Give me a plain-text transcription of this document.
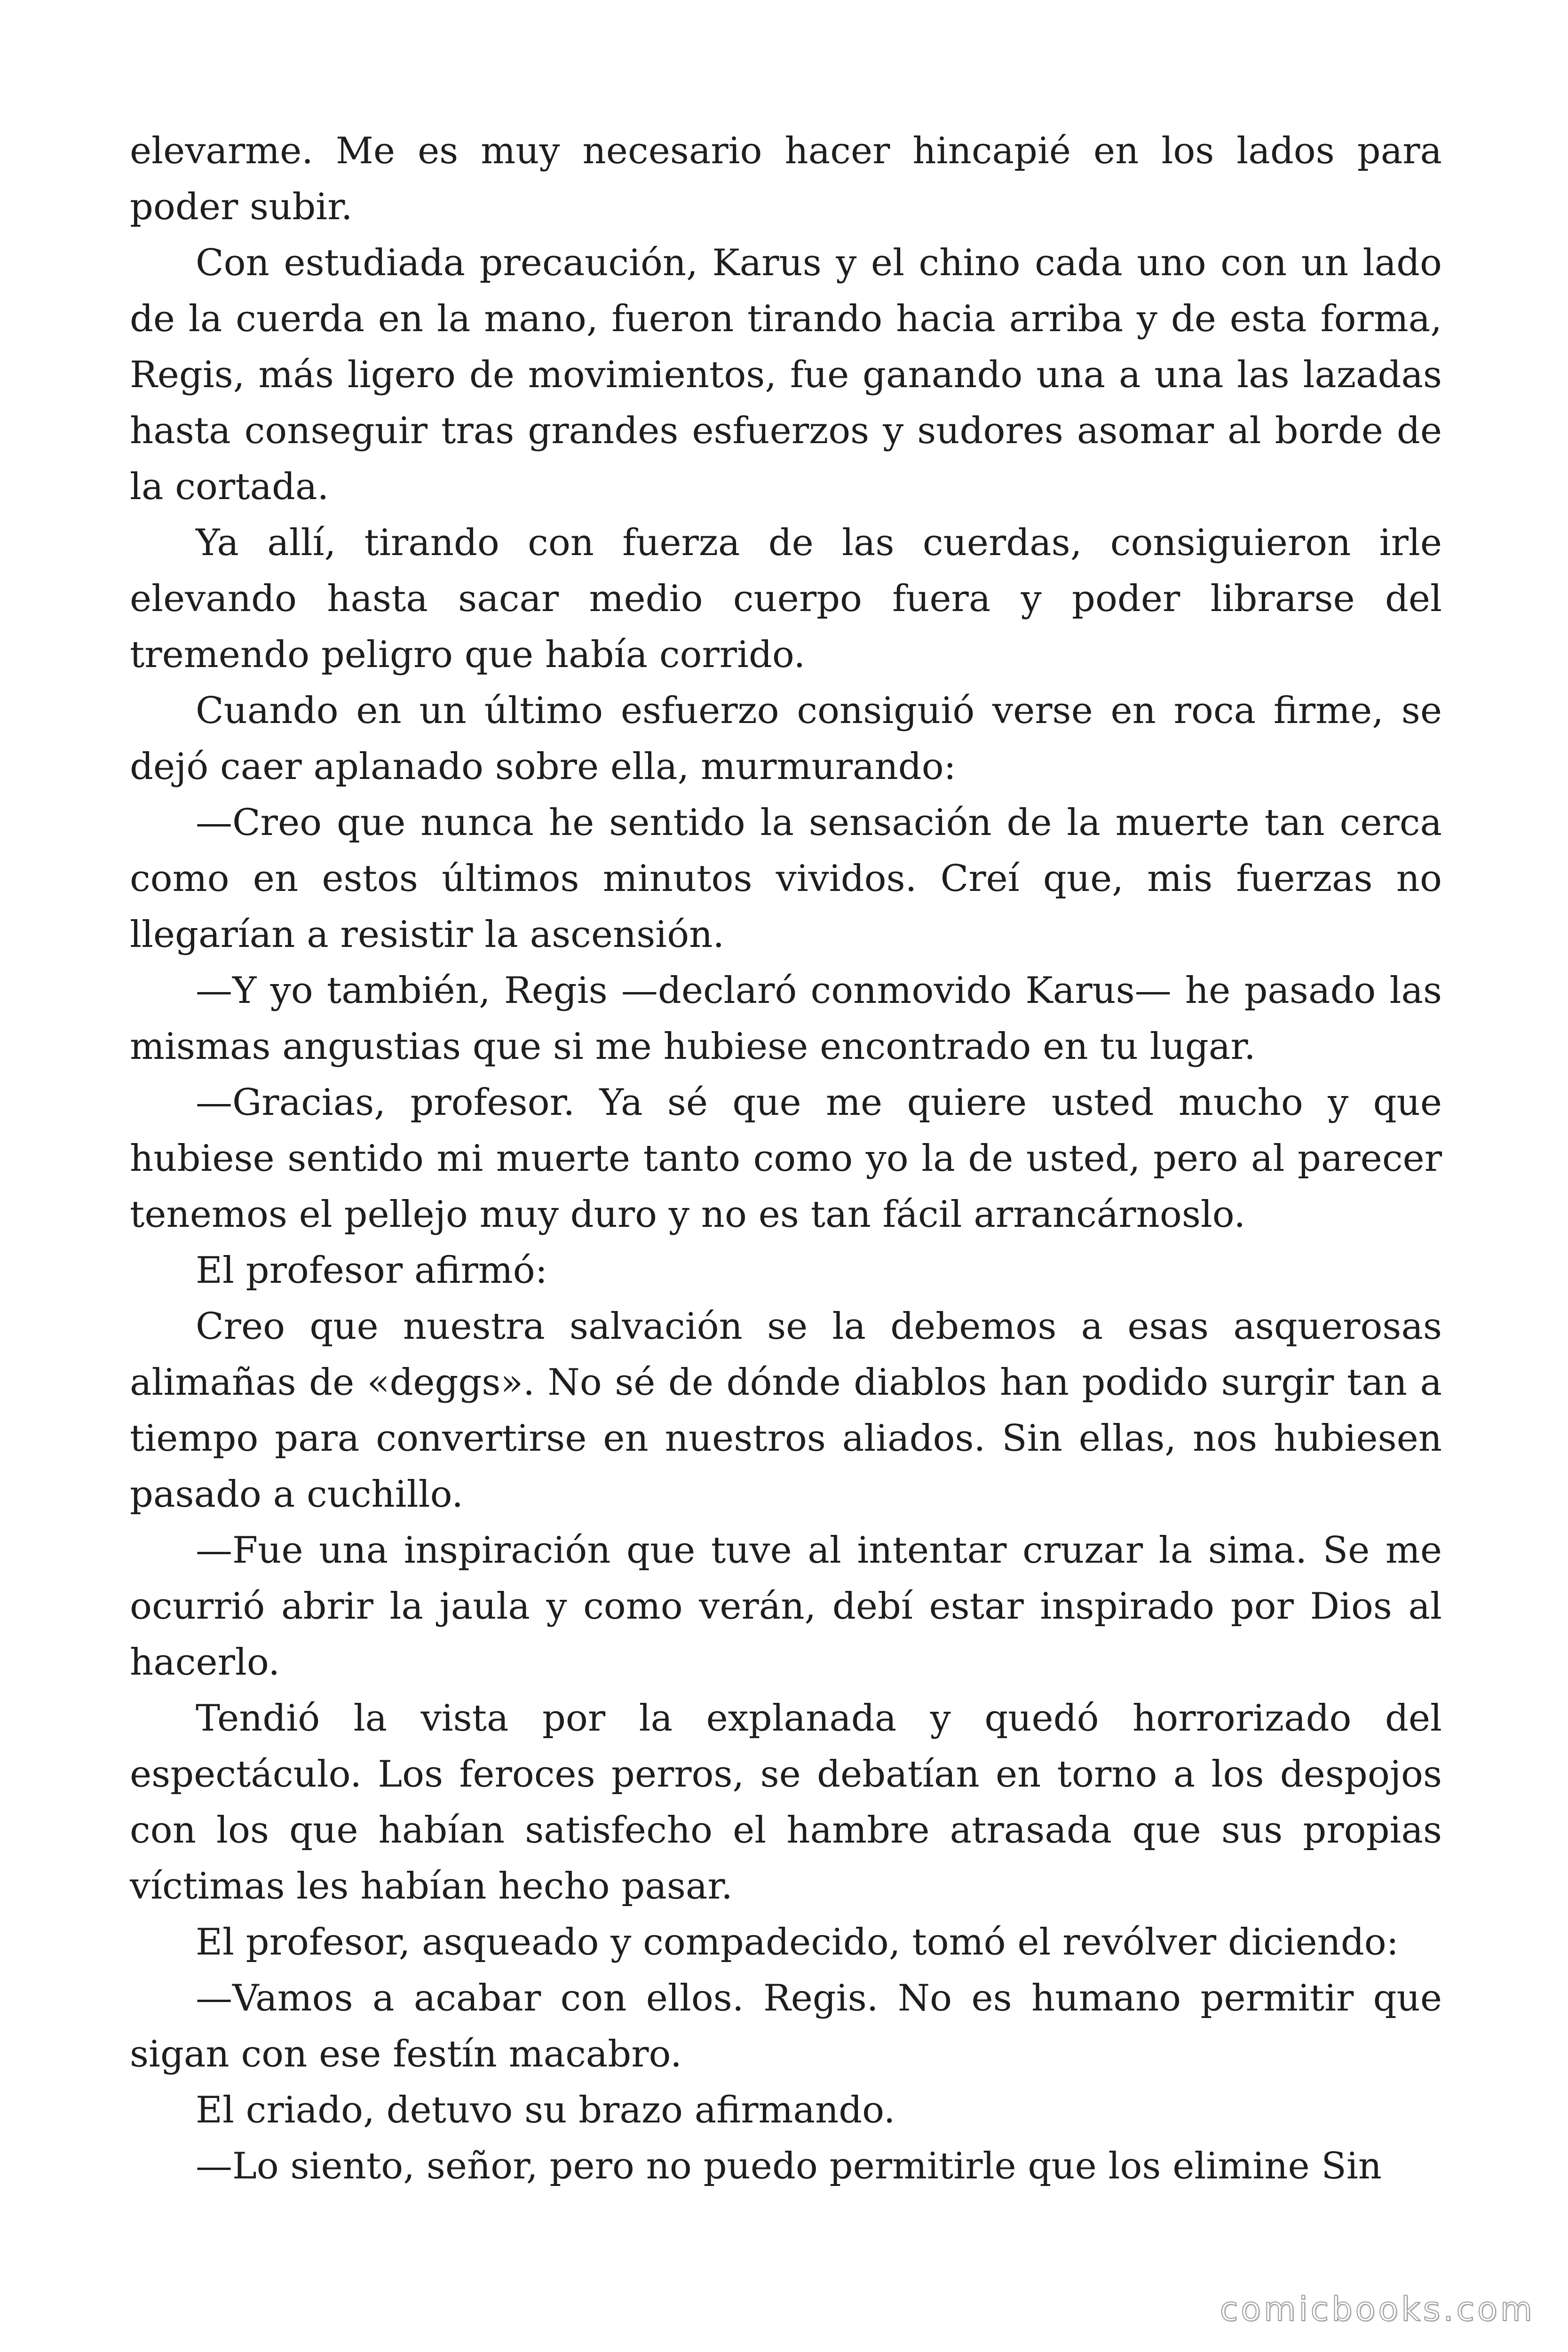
elevarme. Me es muy necesario hacer hincapié en los lados para poder subir.

Con estudiada precaución, Karus y el chino cada uno con un lado de la cuerda en la mano, fueron tirando hacia arriba y de esta forma, Regis, más ligero de movimientos, fue ganando una a una las lazadas hasta conseguir tras grandes esfuerzos y sudores asomar al borde de la cortada.

Ya allí, tirando con fuerza de las cuerdas, consiguieron irle elevando hasta sacar medio cuerpo fuera y poder librarse del tremendo peligro que había corrido.

Cuando en un último esfuerzo consiguió verse en roca firme, se dejó caer aplanado sobre ella, murmurando:

—Creo que nunca he sentido la sensación de la muerte tan cerca como en estos últimos minutos vividos. Creí que, mis fuerzas no llegarían a resistir la ascensión.

—Y yo también, Regis —declaró conmovido Karus— he pasado las mismas angustias que si me hubiese encontrado en tu lugar.

—Gracias, profesor. Ya sé que me quiere usted mucho y que hubiese sentido mi muerte tanto como yo la de usted, pero al parecer tenemos el pellejo muy duro y no es tan fácil arrancárnoslo.

El profesor afirmó:

Creo que nuestra salvación se la debemos a esas asquerosas alimañas de «deggs». No sé de dónde diablos han podido surgir tan a tiempo para convertirse en nuestros aliados. Sin ellas, nos hubiesen pasado a cuchillo.

—Fue una inspiración que tuve al intentar cruzar la sima. Se me ocurrió abrir la jaula y como verán, debí estar inspirado por Dios al hacerlo.

Tendió la vista por la explanada y quedó horrorizado del espectáculo. Los feroces perros, se debatían en torno a los despojos con los que habían satisfecho el hambre atrasada que sus propias víctimas les habían hecho pasar.

El profesor, asqueado y compadecido, tomó el revólver diciendo:

—Vamos a acabar con ellos. Regis. No es humano permitir que sigan con ese festín macabro.

El criado, detuvo su brazo afirmando.

—Lo siento, señor, pero no puedo permitirle que los elimine Sin

comicbooks.com
